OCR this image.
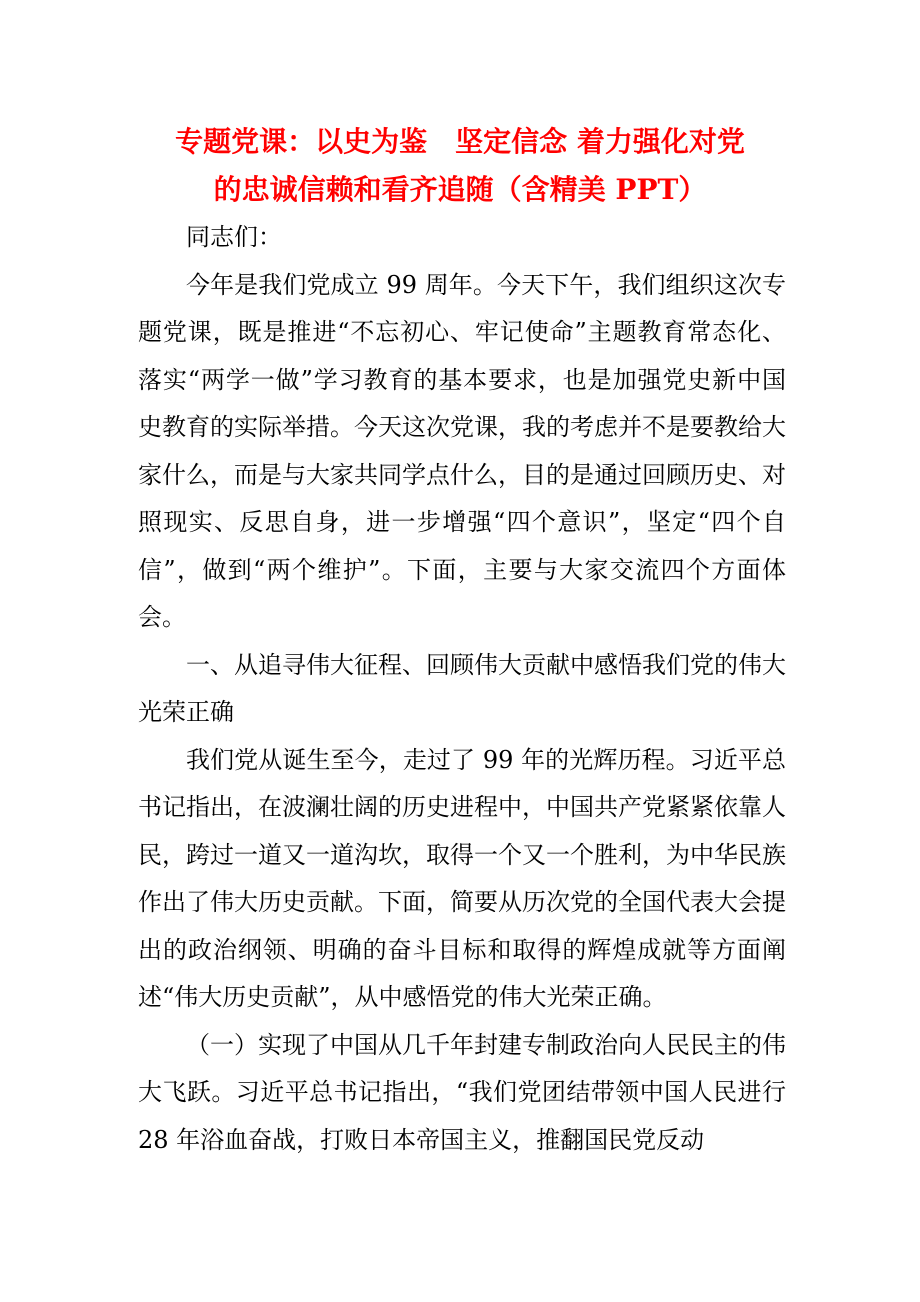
专题党课：以史为鉴　坚定信念 着力强化对党
的忠诚信赖和看齐追随（含精美 PPT）

同志们：

今年是我们党成立 99 周年。今天下午，我们组织这次专题党课，既是推进“不忘初心、牢记使命”主题教育常态化、落实“两学一做”学习教育的基本要求，也是加强党史新中国史教育的实际举措。今天这次党课，我的考虑并不是要教给大家什么，而是与大家共同学点什么，目的是通过回顾历史、对照现实、反思自身，进一步增强“四个意识”，坚定“四个自信”，做到“两个维护”。下面，主要与大家交流四个方面体会。

一、从追寻伟大征程、回顾伟大贡献中感悟我们党的伟大光荣正确

我们党从诞生至今，走过了 99 年的光辉历程。习近平总书记指出，在波澜壮阔的历史进程中，中国共产党紧紧依靠人民，跨过一道又一道沟坎，取得一个又一个胜利，为中华民族作出了伟大历史贡献。下面，简要从历次党的全国代表大会提出的政治纲领、明确的奋斗目标和取得的辉煌成就等方面阐述“伟大历史贡献”，从中感悟党的伟大光荣正确。

（一）实现了中国从几千年封建专制政治向人民民主的伟大飞跃。习近平总书记指出，“我们党团结带领中国人民进行 28 年浴血奋战，打败日本帝国主义，推翻国民党反动
